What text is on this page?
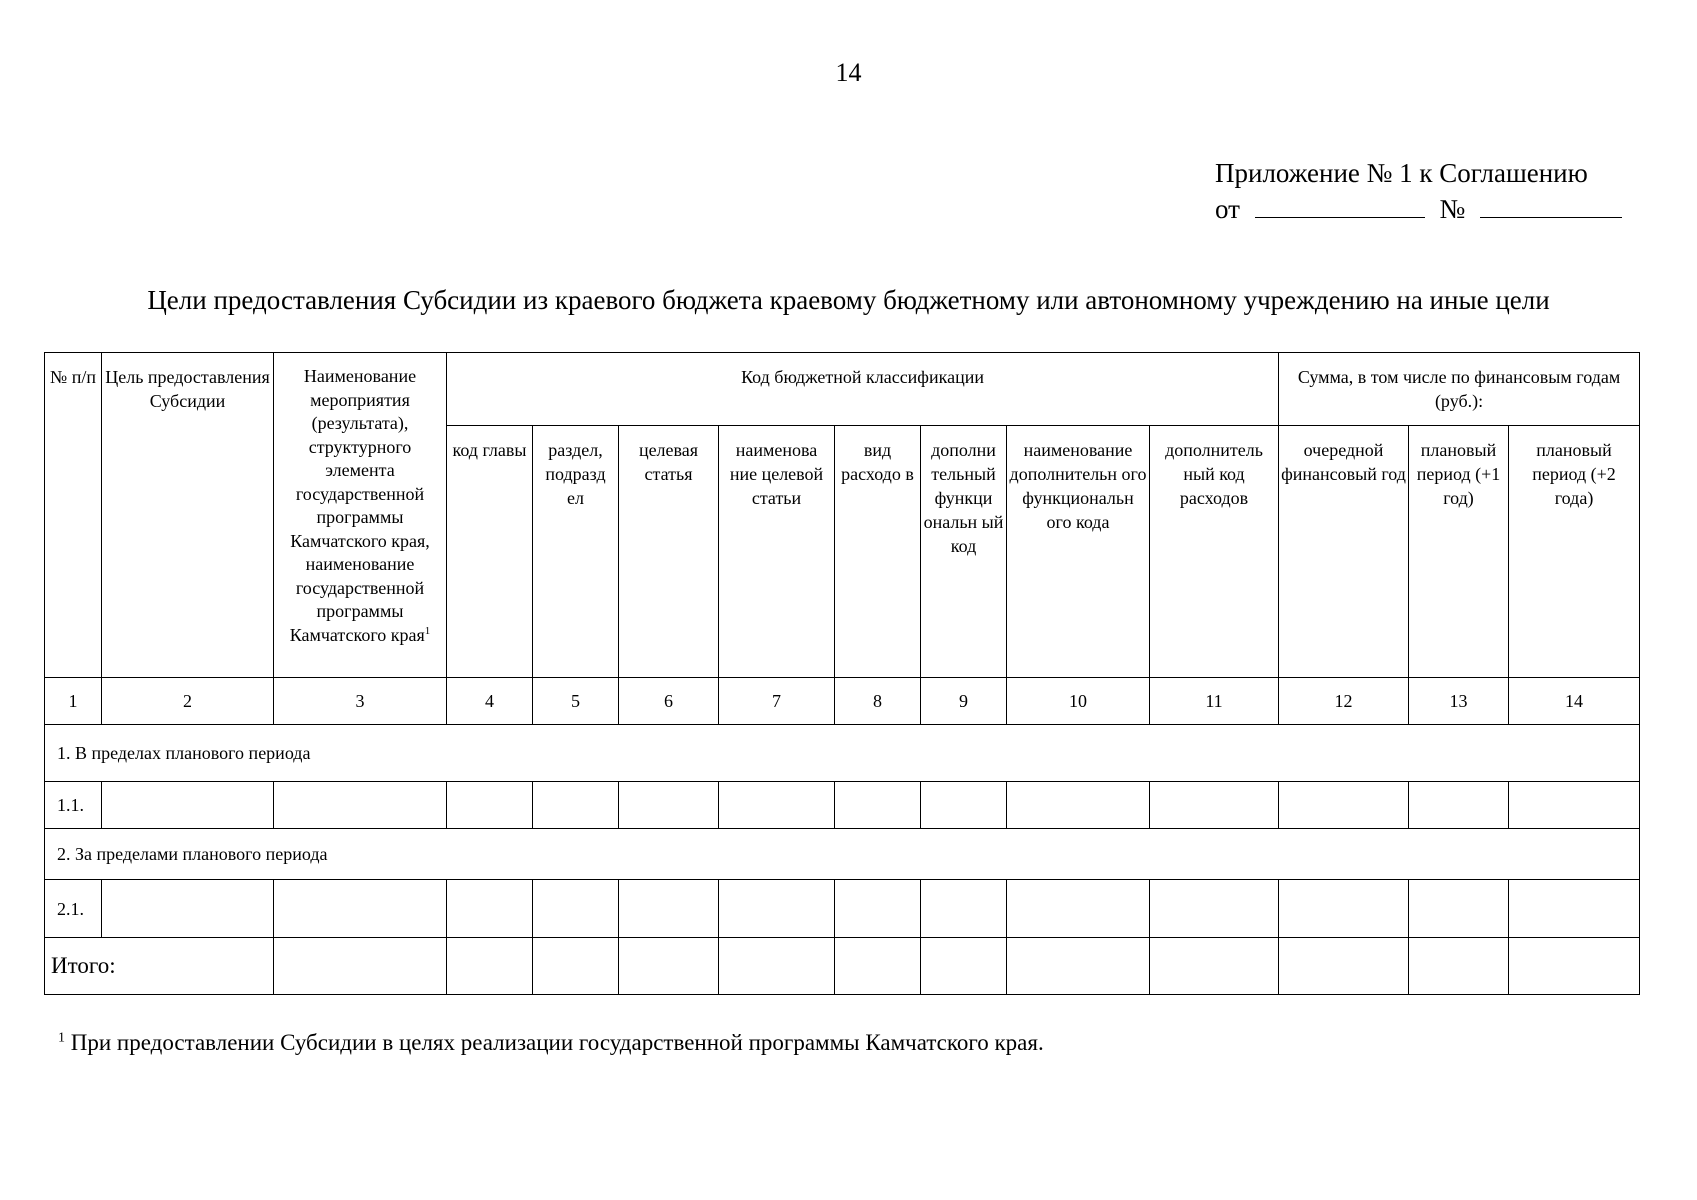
14
Приложение № 1 к Соглашению
от	№
Цели предоставления Субсидии из краевого бюджета краевому бюджетному или автономному учреждению на иные цели
№ п/п	Цель предоставления Субсидии	Наименование мероприятия (результата), структурного элемента государственной программы Камчатского края, наименование государственной программы Камчатского края$^1$	Код бюджетной классификации								Сумма, в том числе по финансовым годам (руб.):		
			код главы	раздел, подразд ел	целевая статья	наименова ние целевой статьи	вид расходо в	дополни тельный функци ональн ый код	наименование дополнительн ого функциональн ого кода	дополнитель ный код расходов	очередной финансовый год	плановый период (+1 год)	плановый период (+2 года)
1	2	3	4	5	6	7	8	9	10	11	12	13	14
1. В пределах планового периода													
1.1.													
2. За пределами планового периода													
2.1.													
Итого:													
$^1$ При предоставлении Субсидии в целях реализации государственной программы Камчатского края.
